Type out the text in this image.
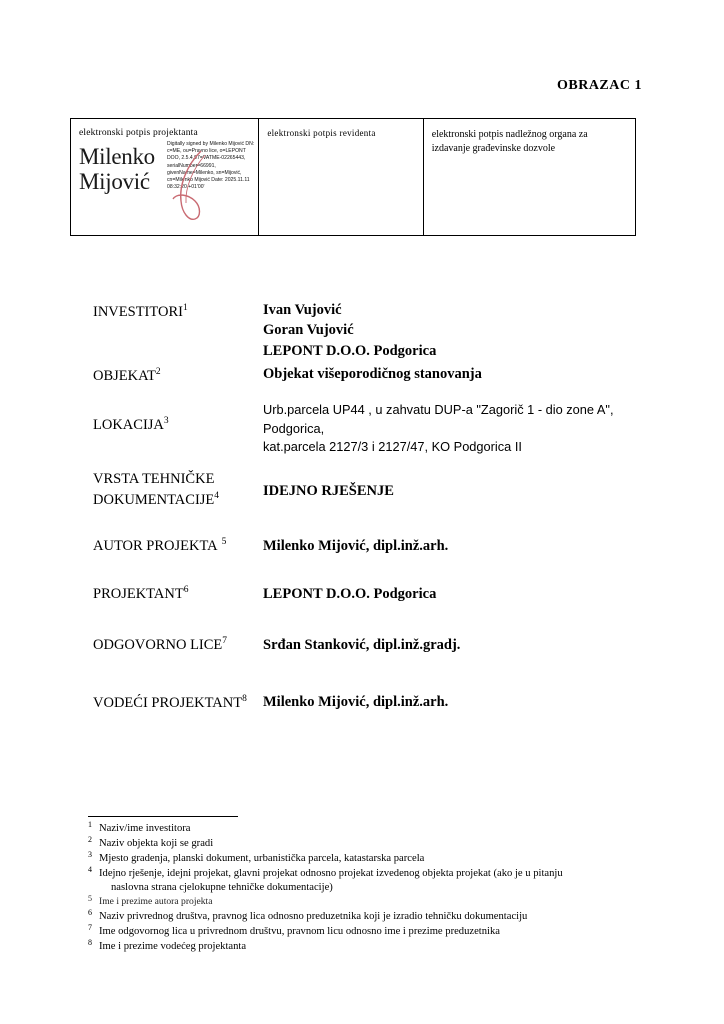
OBRAZAC 1
elektronski potpis projektanta
Milenko Mijović
Digitally signed by Milenko Mijović DN: c=ME, ou=Pravno lice, o=LEPONT DOO, 2.5.4.97=VATME-02265443, serialNumber=66991, givenName=Milenko, sn=Mijović, cn=Milenko Mijović Date: 2025.11.11 08:32:20 +01'00'
elektronski potpis revidenta	elektronski potpis nadležnog organa za izdavanje građevinske dozvole
INVESTITORI$^1$	Ivan Vujović
Goran Vujović
LEPONT D.O.O. Podgorica
OBJEKAT$^2$	Objekat višeporodičnog stanovanja
LOKACIJA$^3$
Urb.parcela UP44 , u zahvatu DUP-a "Zagorič 1 - dio zone A",
Podgorica,
kat.parcela 2127/3 i 2127/47, KO Podgorica II
VRSTA TEHNIČKE DOKUMENTACIJE$^4$	IDEJNO RJEŠENJE
AUTOR PROJEKTA $^5$	Milenko Mijović, dipl.inž.arh.
PROJEKTANT$^6$	LEPONT D.O.O. Podgorica
ODGOVORNO LICE$^7$	Srđan Stanković, dipl.inž.gradj.
VODEĆI PROJEKTANT$^8$	Milenko Mijović, dipl.inž.arh.
1 Naziv/ime investitora
2 Naziv objekta koji se gradi
3 Mjesto gradenja, planski dokument, urbanistička parcela, katastarska parcela
4 Idejno rješenje, idejni projekat, glavni projekat odnosno projekat izvedenog objekta projekat (ako je u pitanju
naslovna strana cjelokupne tehničke dokumentacije)
5 Ime i prezime autora projekta
6 Naziv privrednog društva, pravnog lica odnosno preduzetnika koji je izradio tehničku dokumentaciju
7 Ime odgovornog lica u privrednom društvu, pravnom licu odnosno ime i prezime preduzetnika
8 Ime i prezime vodećeg projektanta
